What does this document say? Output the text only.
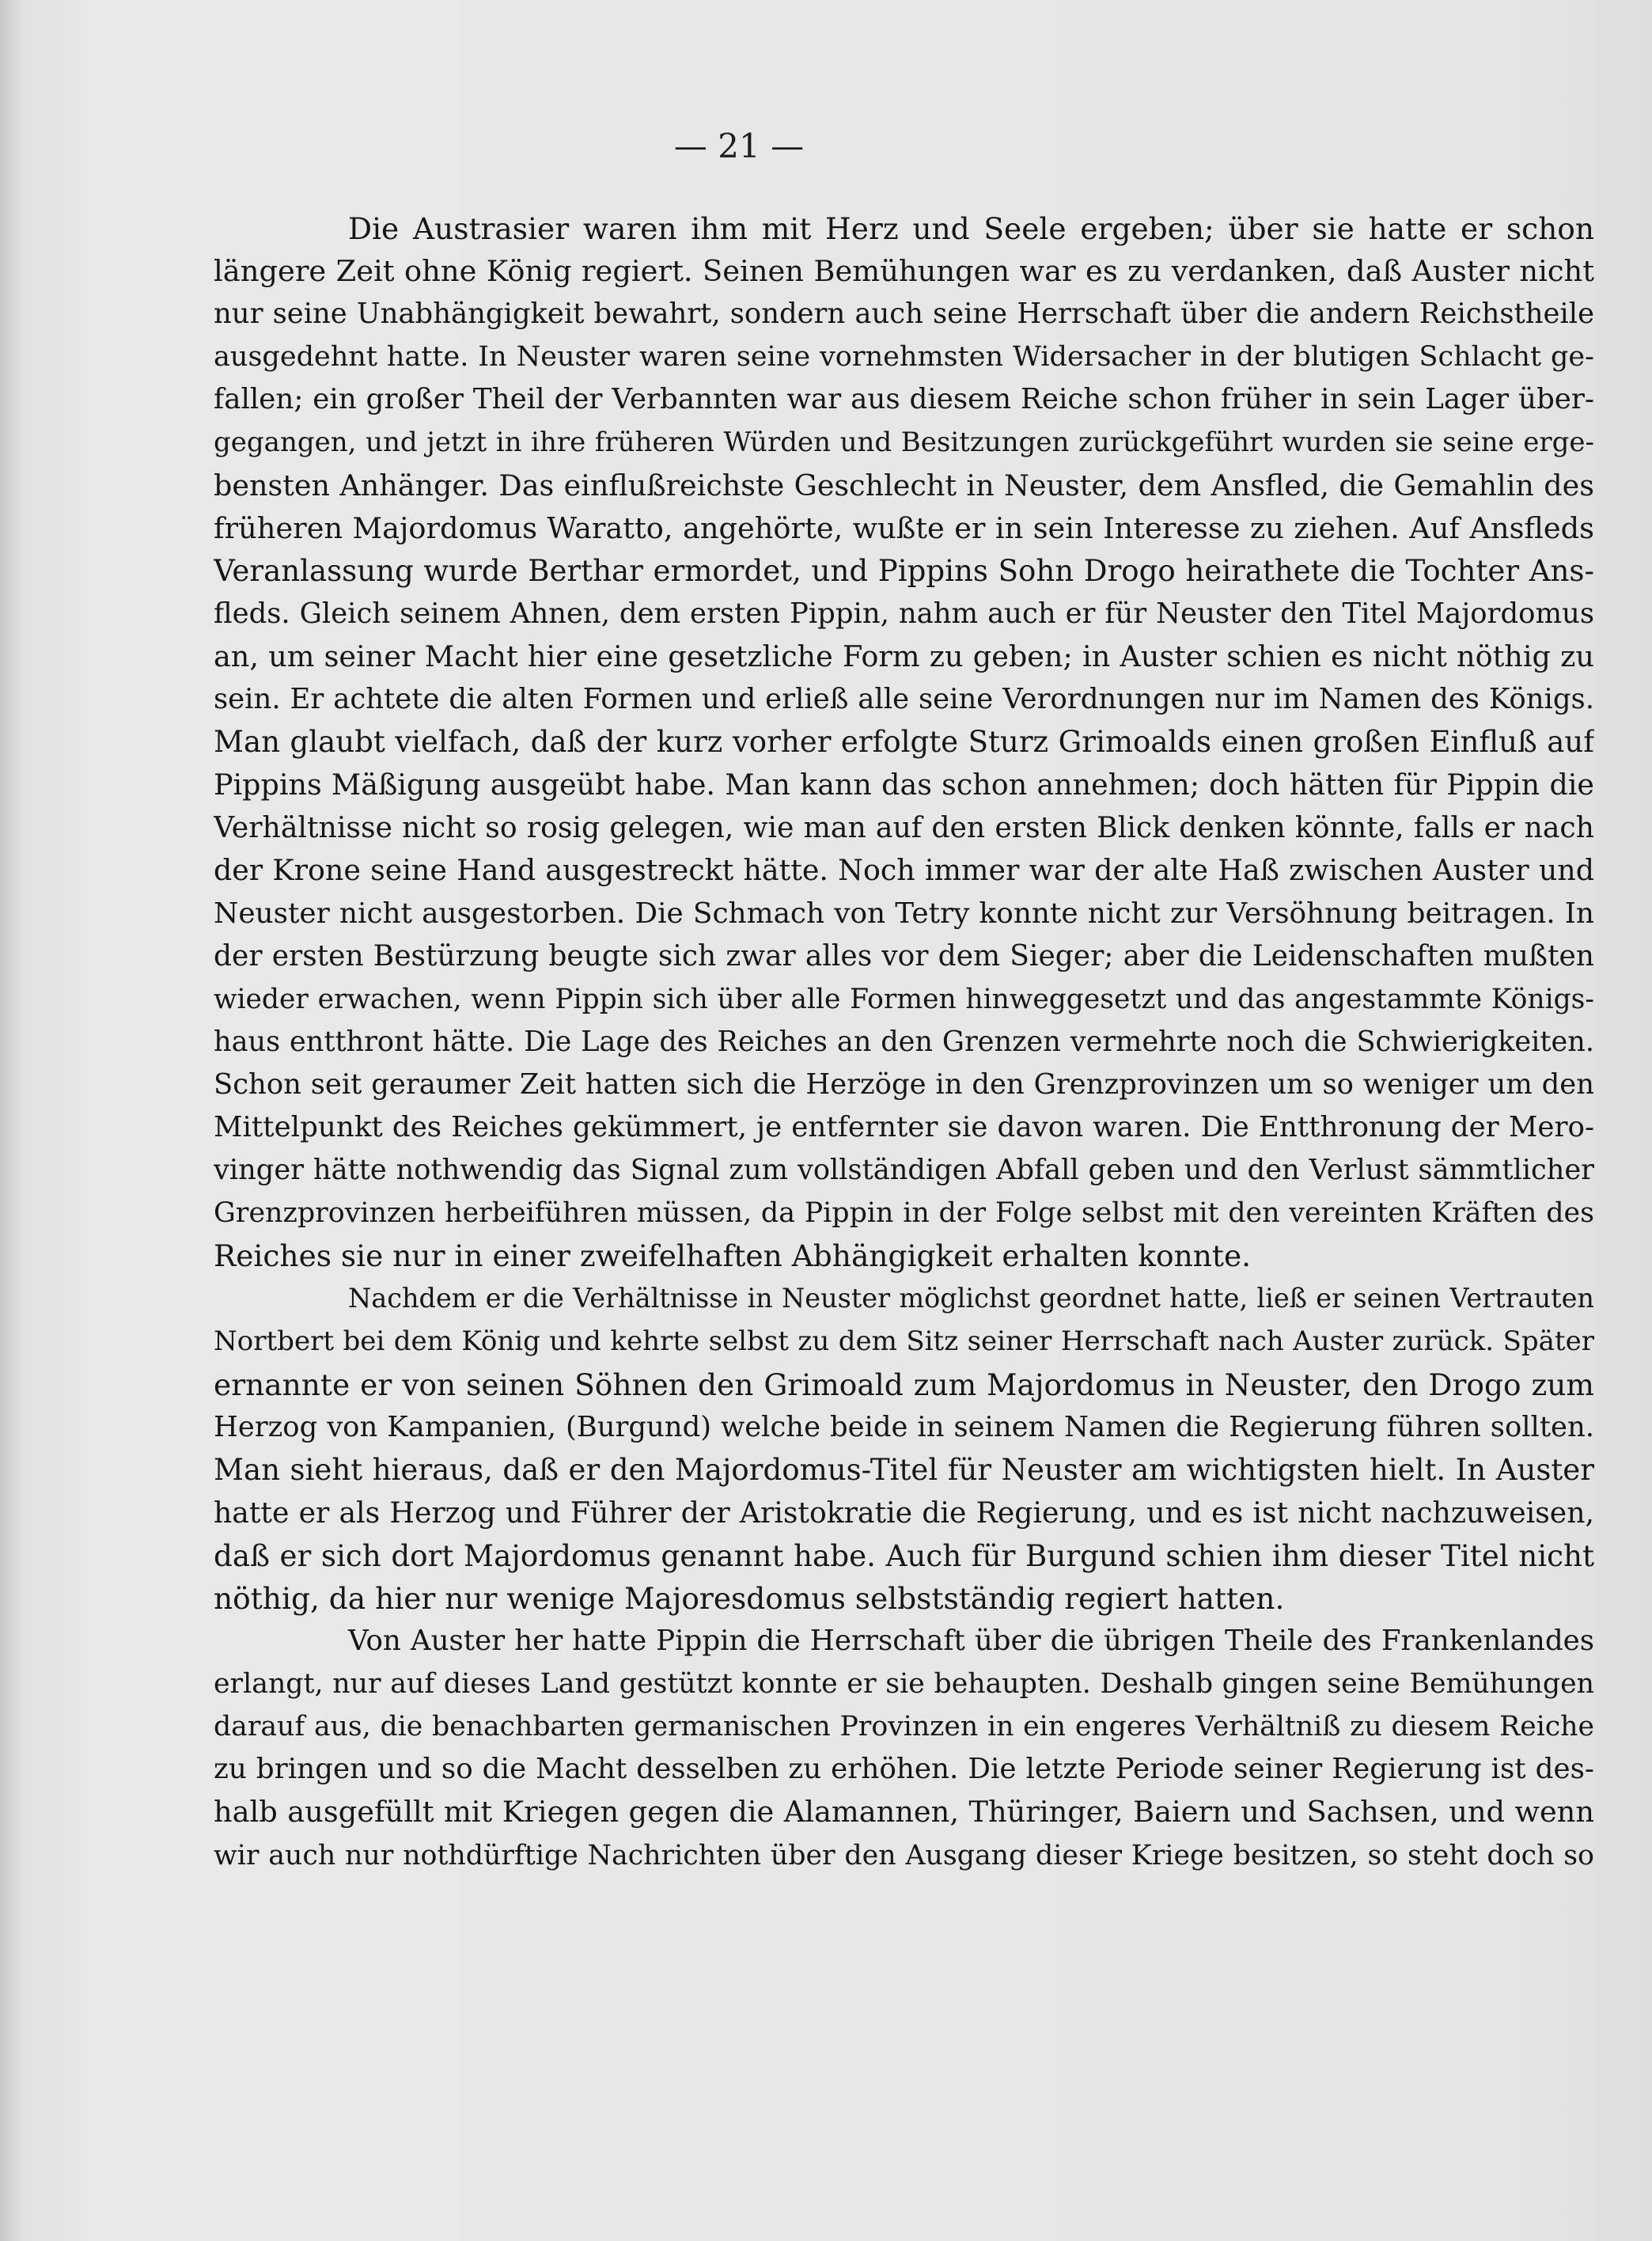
— 21 —
Die Austrasier waren ihm mit Herz und Seele ergeben; über sie hatte er schon
längere Zeit ohne König regiert. Seinen Bemühungen war es zu verdanken, daß Auster nicht
nur seine Unabhängigkeit bewahrt, sondern auch seine Herrschaft über die andern Reichstheile
ausgedehnt hatte. In Neuster waren seine vornehmsten Widersacher in der blutigen Schlacht ge-
fallen; ein großer Theil der Verbannten war aus diesem Reiche schon früher in sein Lager über-
gegangen, und jetzt in ihre früheren Würden und Besitzungen zurückgeführt wurden sie seine erge-
bensten Anhänger. Das einflußreichste Geschlecht in Neuster, dem Ansfled, die Gemahlin des
früheren Majordomus Waratto, angehörte, wußte er in sein Interesse zu ziehen. Auf Ansfleds
Veranlassung wurde Berthar ermordet, und Pippins Sohn Drogo heirathete die Tochter Ans-
fleds. Gleich seinem Ahnen, dem ersten Pippin, nahm auch er für Neuster den Titel Majordomus
an, um seiner Macht hier eine gesetzliche Form zu geben; in Auster schien es nicht nöthig zu
sein. Er achtete die alten Formen und erließ alle seine Verordnungen nur im Namen des Königs.
Man glaubt vielfach, daß der kurz vorher erfolgte Sturz Grimoalds einen großen Einfluß auf
Pippins Mäßigung ausgeübt habe. Man kann das schon annehmen; doch hätten für Pippin die
Verhältnisse nicht so rosig gelegen, wie man auf den ersten Blick denken könnte, falls er nach
der Krone seine Hand ausgestreckt hätte. Noch immer war der alte Haß zwischen Auster und
Neuster nicht ausgestorben. Die Schmach von Tetry konnte nicht zur Versöhnung beitragen. In
der ersten Bestürzung beugte sich zwar alles vor dem Sieger; aber die Leidenschaften mußten
wieder erwachen, wenn Pippin sich über alle Formen hinweggesetzt und das angestammte Königs-
haus entthront hätte. Die Lage des Reiches an den Grenzen vermehrte noch die Schwierigkeiten.
Schon seit geraumer Zeit hatten sich die Herzöge in den Grenzprovinzen um so weniger um den
Mittelpunkt des Reiches gekümmert, je entfernter sie davon waren. Die Entthronung der Mero-
vinger hätte nothwendig das Signal zum vollständigen Abfall geben und den Verlust sämmtlicher
Grenzprovinzen herbeiführen müssen, da Pippin in der Folge selbst mit den vereinten Kräften des
Reiches sie nur in einer zweifelhaften Abhängigkeit erhalten konnte.
Nachdem er die Verhältnisse in Neuster möglichst geordnet hatte, ließ er seinen Vertrauten
Nortbert bei dem König und kehrte selbst zu dem Sitz seiner Herrschaft nach Auster zurück. Später
ernannte er von seinen Söhnen den Grimoald zum Majordomus in Neuster, den Drogo zum
Herzog von Kampanien, (Burgund) welche beide in seinem Namen die Regierung führen sollten.
Man sieht hieraus, daß er den Majordomus-Titel für Neuster am wichtigsten hielt. In Auster
hatte er als Herzog und Führer der Aristokratie die Regierung, und es ist nicht nachzuweisen,
daß er sich dort Majordomus genannt habe. Auch für Burgund schien ihm dieser Titel nicht
nöthig, da hier nur wenige Majoresdomus selbstständig regiert hatten.
Von Auster her hatte Pippin die Herrschaft über die übrigen Theile des Frankenlandes
erlangt, nur auf dieses Land gestützt konnte er sie behaupten. Deshalb gingen seine Bemühungen
darauf aus, die benachbarten germanischen Provinzen in ein engeres Verhältniß zu diesem Reiche
zu bringen und so die Macht desselben zu erhöhen. Die letzte Periode seiner Regierung ist des-
halb ausgefüllt mit Kriegen gegen die Alamannen, Thüringer, Baiern und Sachsen, und wenn
wir auch nur nothdürftige Nachrichten über den Ausgang dieser Kriege besitzen, so steht doch so
